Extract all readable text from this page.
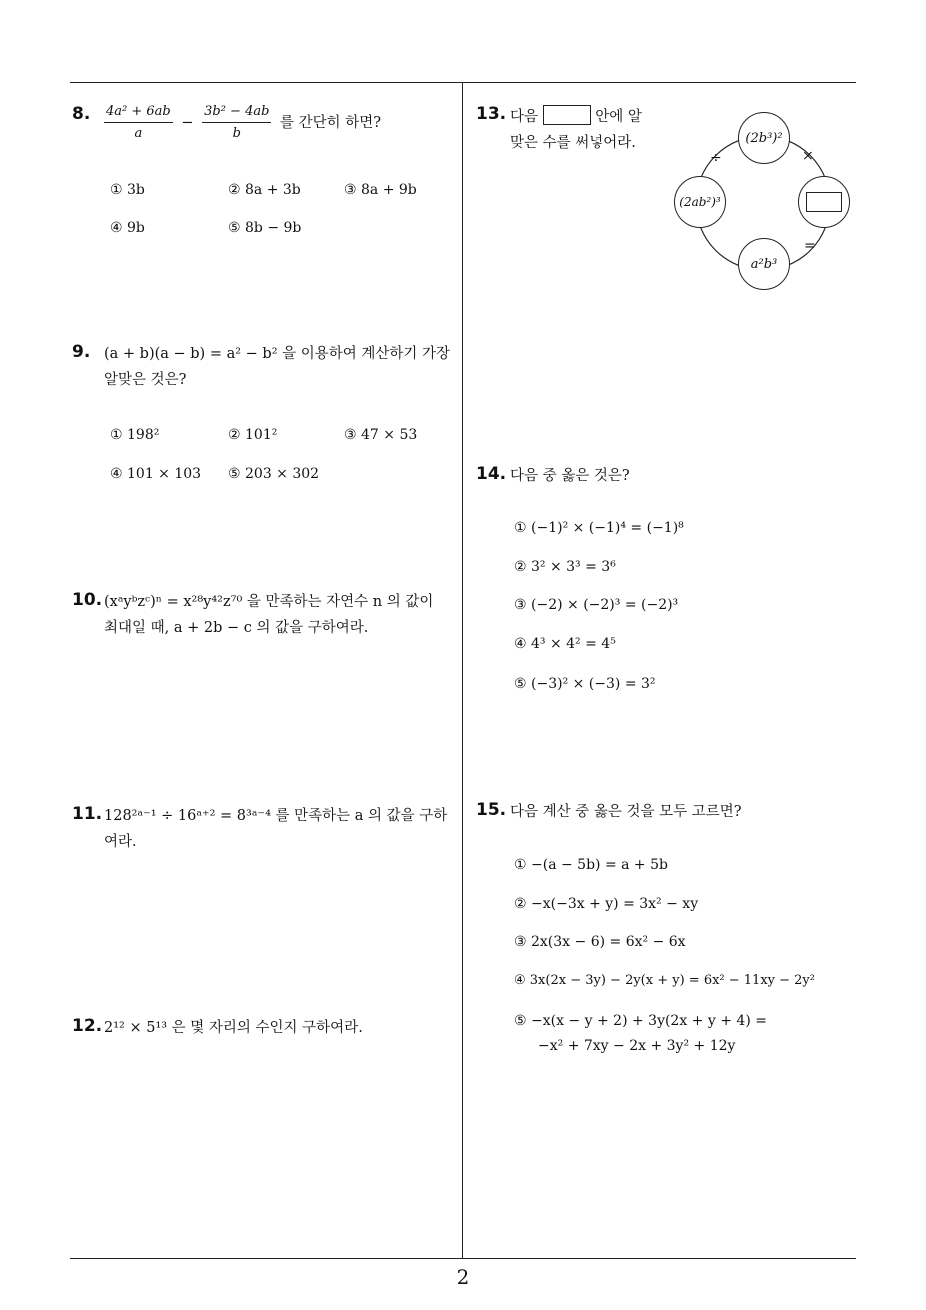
8. $\frac{\text{4a² + 6ab}}{a} - \frac{\text{3b² − 4ab}}{b}$ 를 간단히 하면?
① 3b	② 8a + 3b	③ 8a + 9b
④ 9b	⑤ 8b − 9b
9. (a + b)(a − b) = a² − b² 을 이용하여 계산하기 가장
알맞은 것은?
① 198²	② 101²	③ 47 × 53
④ 101 × 103 ⑤ 203 × 302
10. (xᵃyᵇzᶜ)ⁿ = x²⁸y⁴²z⁷⁰ 을 만족하는 자연수 n 의 값이
최대일 때, a + 2b − c 의 값을 구하여라.
11. 128²ᵃ⁻¹ ÷ 16ᵃ⁺² = 8³ᵃ⁻⁴ 를 만족하는 a 의 값을 구하
여라.
12. 2¹² × 5¹³ 은 몇 자리의 수인지 구하여라.
13. 다음	안에 알
맞은 수를 써넣어라.	(2b³)²
(2ab²)³
a²b³
÷	×
=
14. 다음 중 옳은 것은?
① (−1)² × (−1)⁴ = (−1)⁸
② 3² × 3³ = 3⁶
③ (−2) × (−2)³ = (−2)³
④ 4³ × 4² = 4⁵
⑤ (−3)² × (−3) = 3²
15. 다음 계산 중 옳은 것을 모두 고르면?
① −(a − 5b) = a + 5b
② −x(−3x + y) = 3x² − xy
③ 2x(3x − 6) = 6x² − 6x
④ 3x(2x − 3y) − 2y(x + y) = 6x² − 11xy − 2y²
⑤ −x(x − y + 2) + 3y(2x + y + 4) =
−x² + 7xy − 2x + 3y² + 12y
2
